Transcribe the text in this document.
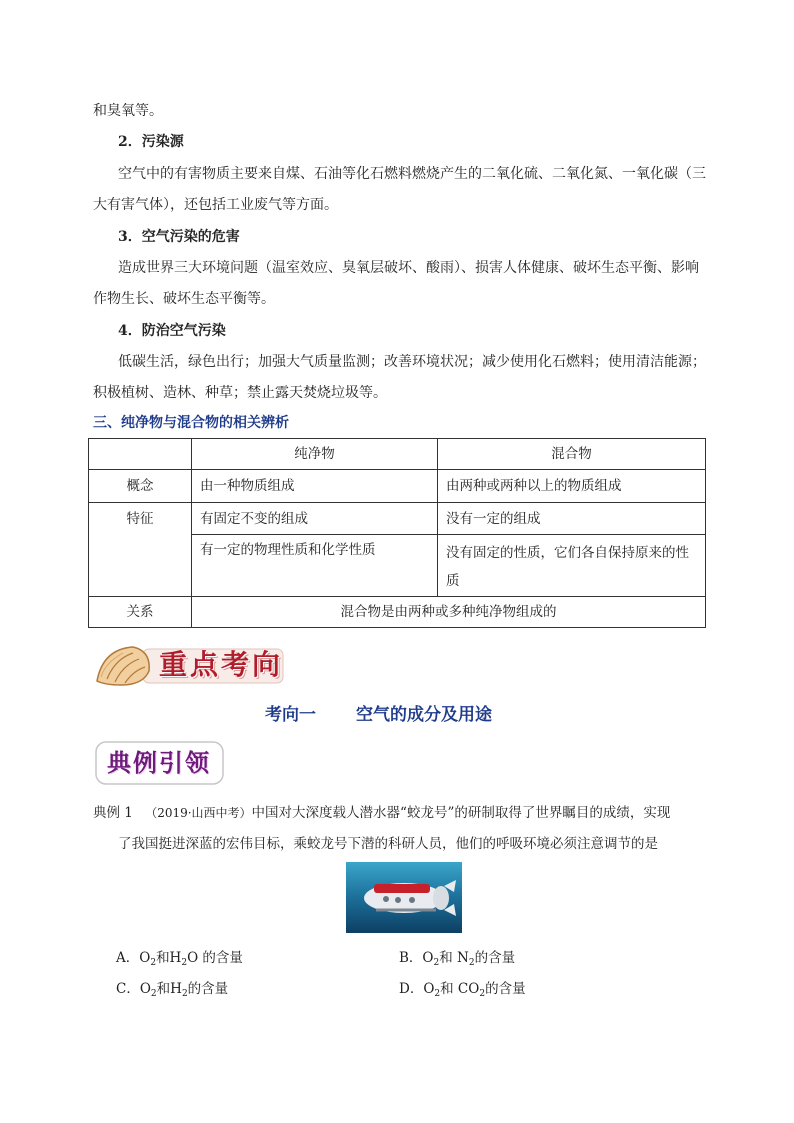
和臭氧等。
2．污染源
空气中的有害物质主要来自煤、石油等化石燃料燃烧产生的二氧化硫、二氧化氮、一氧化碳（三
大有害气体），还包括工业废气等方面。
3．空气污染的危害
造成世界三大环境问题（温室效应、臭氧层破坏、酸雨）、损害人体健康、破坏生态平衡、影响
作物生长、破坏生态平衡等。
4．防治空气污染
低碳生活，绿色出行；加强大气质量监测；改善环境状况；减少使用化石燃料；使用清洁能源；
积极植树、造林、种草；禁止露天焚烧垃圾等。
三、纯净物与混合物的相关辨析
	纯净物	混合物
概念	由一种物质组成	由两种或两种以上的物质组成
特征	有固定不变的组成	没有一定的组成
	有一定的物理性质和化学性质	没有固定的性质，它们各自保持原来的性质
关系	混合物是由两种或多种纯净物组成的	
重点考向
考向一 空气的成分及用途
典例引领
典例 1 （2019·山西中考）中国对大深度载人潜水器“蛟龙号”的研制取得了世界瞩目的成绩，实现
了我国挺进深蓝的宏伟目标，乘蛟龙号下潜的科研人员，他们的呼吸环境必须注意调节的是
A．$O_2$和$H_2O$ 的含量	B．$O_2$和 $N_2$的含量
C．$O_2$和$H_2$的含量	D．$O_2$和 $CO_2$的含量
